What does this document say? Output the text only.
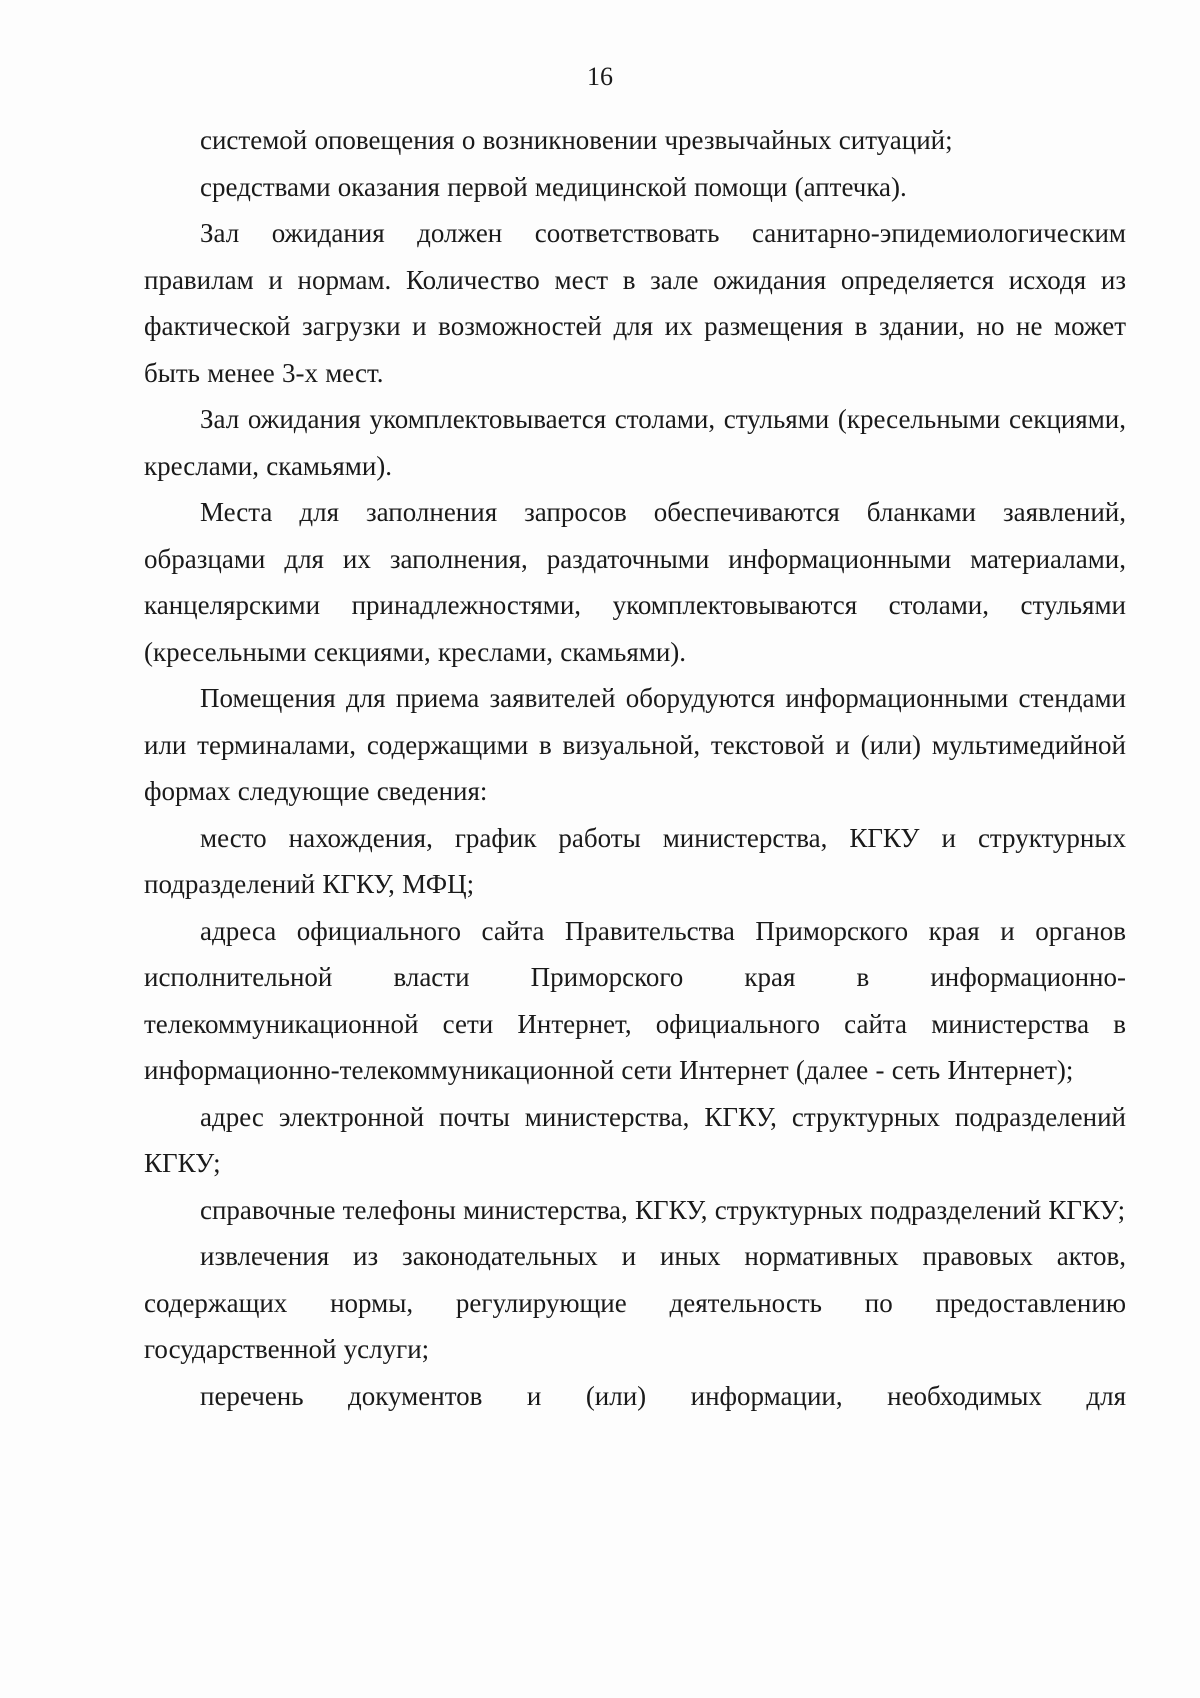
16

системой оповещения о возникновении чрезвычайных ситуаций;

средствами оказания первой медицинской помощи (аптечка).

Зал ожидания должен соответствовать санитарно-эпидемиологическим правилам и нормам. Количество мест в зале ожидания определяется исходя из фактической загрузки и возможностей для их размещения в здании, но не может быть менее 3-х мест.

Зал ожидания укомплектовывается столами, стульями (кресельными секциями, креслами, скамьями).

Места для заполнения запросов обеспечиваются бланками заявлений, образцами для их заполнения, раздаточными информационными материалами, канцелярскими принадлежностями, укомплектовываются столами, стульями (кресельными секциями, креслами, скамьями).

Помещения для приема заявителей оборудуются информационными стендами или терминалами, содержащими в визуальной, текстовой и (или) мультимедийной формах следующие сведения:

место нахождения, график работы министерства, КГКУ и структурных подразделений КГКУ, МФЦ;

адреса официального сайта Правительства Приморского края и органов исполнительной власти Приморского края в информационно-телекоммуникационной сети Интернет, официального сайта министерства в информационно-телекоммуникационной сети Интернет (далее - сеть Интернет);

адрес электронной почты министерства, КГКУ, структурных подразделений КГКУ;

справочные телефоны министерства, КГКУ, структурных подразделений КГКУ;

извлечения из законодательных и иных нормативных правовых актов, содержащих нормы, регулирующие деятельность по предоставлению государственной услуги;

перечень документов и (или) информации, необходимых для
